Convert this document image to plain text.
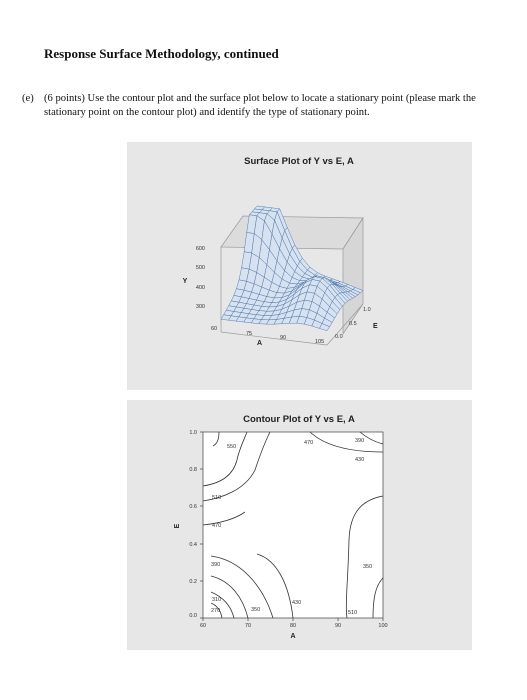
Response Surface Methodology, continued
(e) (6 points) Use the contour plot and the surface plot below to locate a stationary point (please mark the stationary point on the contour plot) and identify the type of stationary point.
Surface Plot of Y vs E, A
600
500
400
300
Y
60
75
90
105
A
0.0
0.5
1.0
E
Contour Plot of Y vs E, A
550
470	390
430
510
470
390	350
310
270	350
430
510
1.0
0.8
0.6
0.4
0.2
0.0
E
60	70	80	90	100
A
